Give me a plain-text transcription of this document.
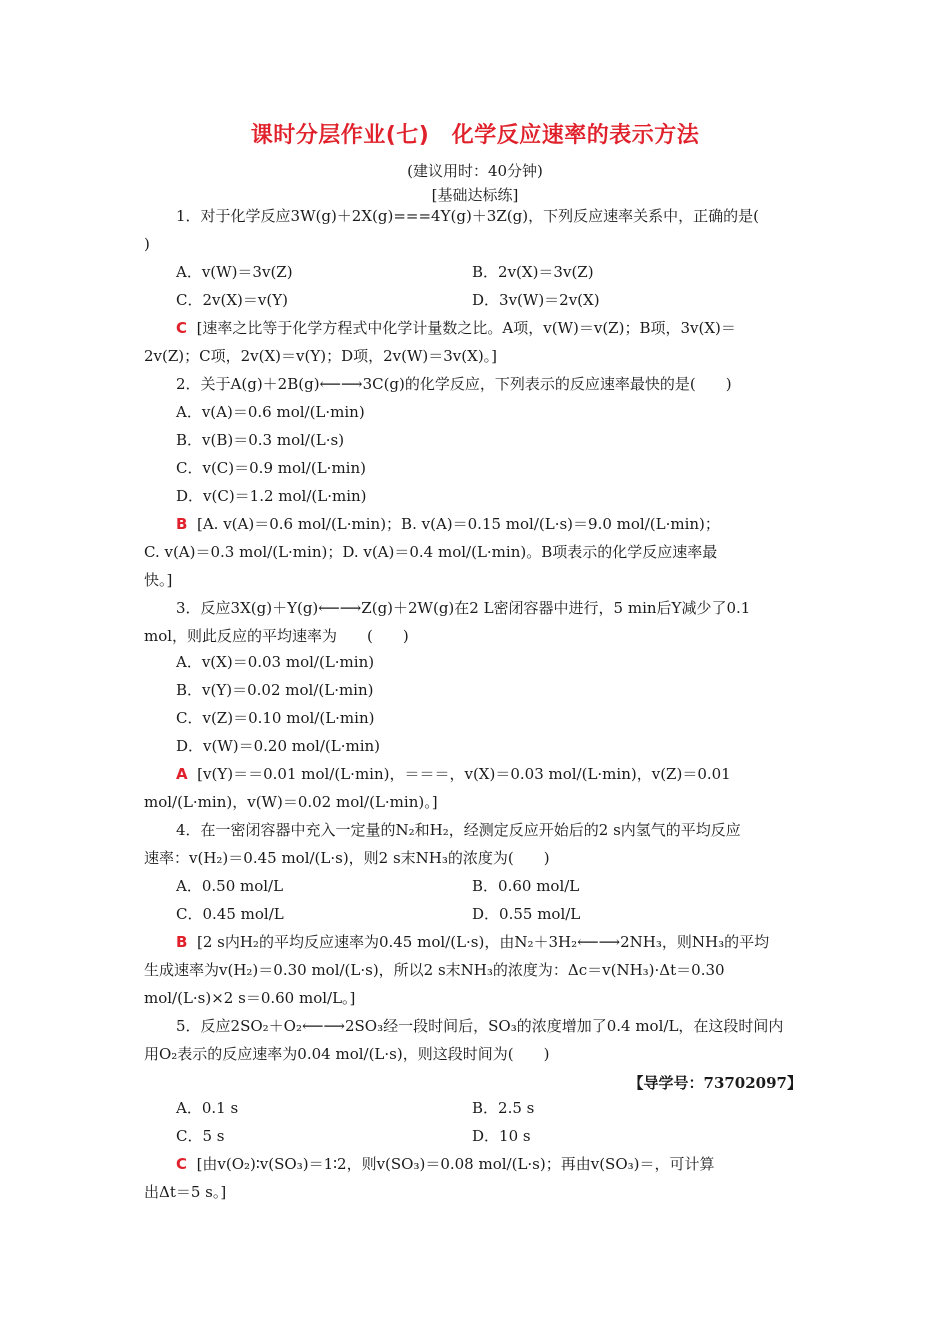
课时分层作业(七)　化学反应速率的表示方法
(建议用时：40分钟)
[基础达标练]
1．对于化学反应3W(g)＋2X(g)===4Y(g)＋3Z(g)，下列反应速率关系中，正确的是(
)
A．v(W)＝3v(Z)	B．2v(X)＝3v(Z)
C．2v(X)＝v(Y)	D．3v(W)＝2v(X)
C [速率之比等于化学方程式中化学计量数之比。A项，v(W)＝v(Z)；B项，3v(X)＝
2v(Z)；C项，2v(X)＝v(Y)；D项，2v(W)＝3v(X)。]
2．关于A(g)＋2B(g)⟵⟶3C(g)的化学反应，下列表示的反应速率最快的是(　　)
A．v(A)＝0.6 mol/(L·min)
B．v(B)＝0.3 mol/(L·s)
C．v(C)＝0.9 mol/(L·min)
D．v(C)＝1.2 mol/(L·min)
B [A. v(A)＝0.6 mol/(L·min)；B. v(A)＝0.15 mol/(L·s)＝9.0 mol/(L·min)；
C. v(A)＝0.3 mol/(L·min)；D. v(A)＝0.4 mol/(L·min)。B项表示的化学反应速率最
快。]
3．反应3X(g)＋Y(g)⟵⟶Z(g)＋2W(g)在2 L密闭容器中进行，5 min后Y减少了0.1
mol，则此反应的平均速率为　　(　　)
A．v(X)＝0.03 mol/(L·min)
B．v(Y)＝0.02 mol/(L·min)
C．v(Z)＝0.10 mol/(L·min)
D．v(W)＝0.20 mol/(L·min)
A [v(Y)＝＝0.01 mol/(L·min)，＝＝＝，v(X)＝0.03 mol/(L·min)，v(Z)＝0.01
mol/(L·min)，v(W)＝0.02 mol/(L·min)。]
4．在一密闭容器中充入一定量的N₂和H₂，经测定反应开始后的2 s内氢气的平均反应
速率：v(H₂)＝0.45 mol/(L·s)，则2 s末NH₃的浓度为(　　)
A．0.50 mol/L	B．0.60 mol/L
C．0.45 mol/L	D．0.55 mol/L
B [2 s内H₂的平均反应速率为0.45 mol/(L·s)，由N₂＋3H₂⟵⟶2NH₃，则NH₃的平均
生成速率为v(H₂)＝0.30 mol/(L·s)，所以2 s末NH₃的浓度为：Δc＝v(NH₃)·Δt＝0.30
mol/(L·s)×2 s＝0.60 mol/L。]
5．反应2SO₂＋O₂⟵⟶2SO₃经一段时间后，SO₃的浓度增加了0.4 mol/L，在这段时间内
用O₂表示的反应速率为0.04 mol/(L·s)，则这段时间为(　　)
【导学号：73702097】
A．0.1 s	B．2.5 s
C．5 s	D．10 s
C [由v(O₂)∶v(SO₃)＝1∶2，则v(SO₃)＝0.08 mol/(L·s)；再由v(SO₃)＝，可计算
出Δt＝5 s。]
